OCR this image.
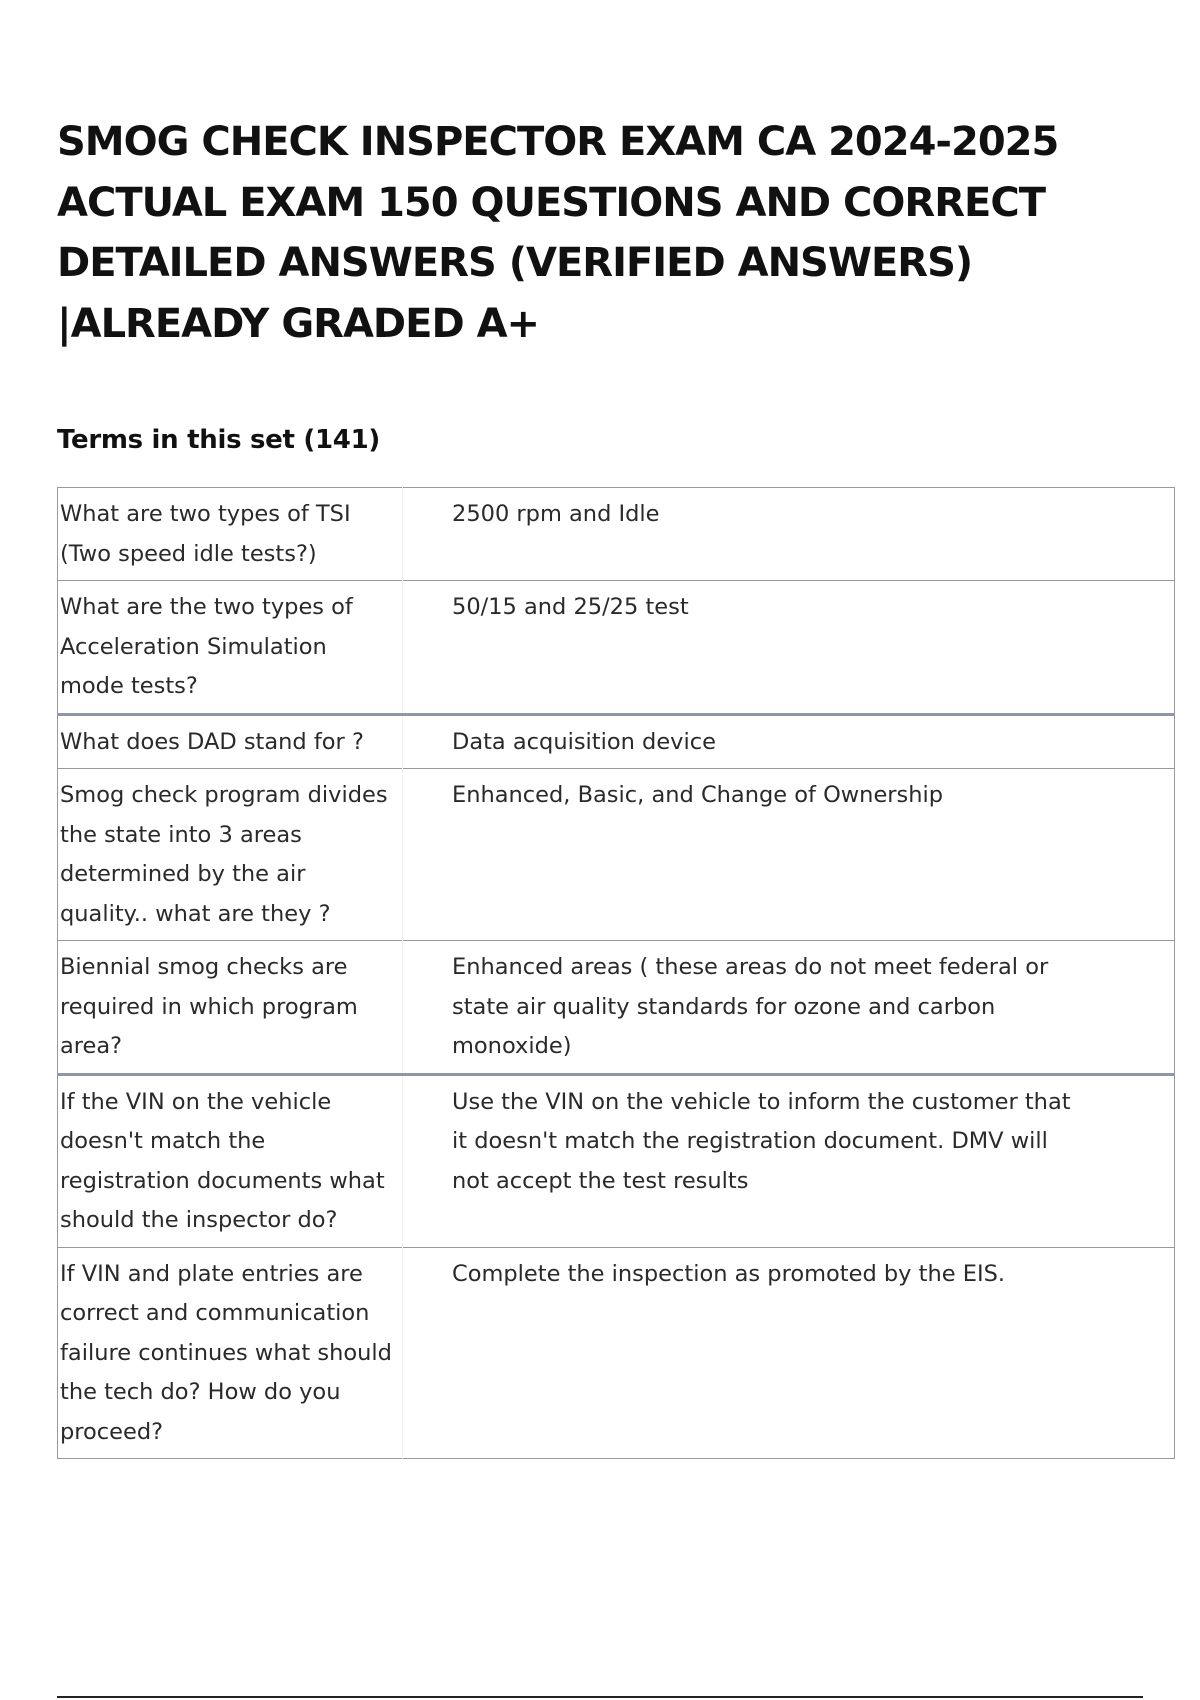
SMOG CHECK INSPECTOR EXAM CA 2024-2025 ACTUAL EXAM 150 QUESTIONS AND CORRECT DETAILED ANSWERS (VERIFIED ANSWERS) |ALREADY GRADED A+
Terms in this set (141)
What are two types of TSI (Two speed idle tests?)	2500 rpm and Idle
What are the two types of Acceleration Simulation mode tests?	50/15 and 25/25 test
What does DAD stand for ?	Data acquisition device
Smog check program divides the state into 3 areas determined by the air quality.. what are they ?	Enhanced, Basic, and Change of Ownership
Biennial smog checks are required in which program area?	Enhanced areas ( these areas do not meet federal or state air quality standards for ozone and carbon monoxide)
If the VIN on the vehicle doesn't match the registration documents what should the inspector do?	Use the VIN on the vehicle to inform the customer that it doesn't match the registration document. DMV will not accept the test results
If VIN and plate entries are correct and communication failure continues what should the tech do? How do you proceed?	Complete the inspection as promoted by the EIS.
